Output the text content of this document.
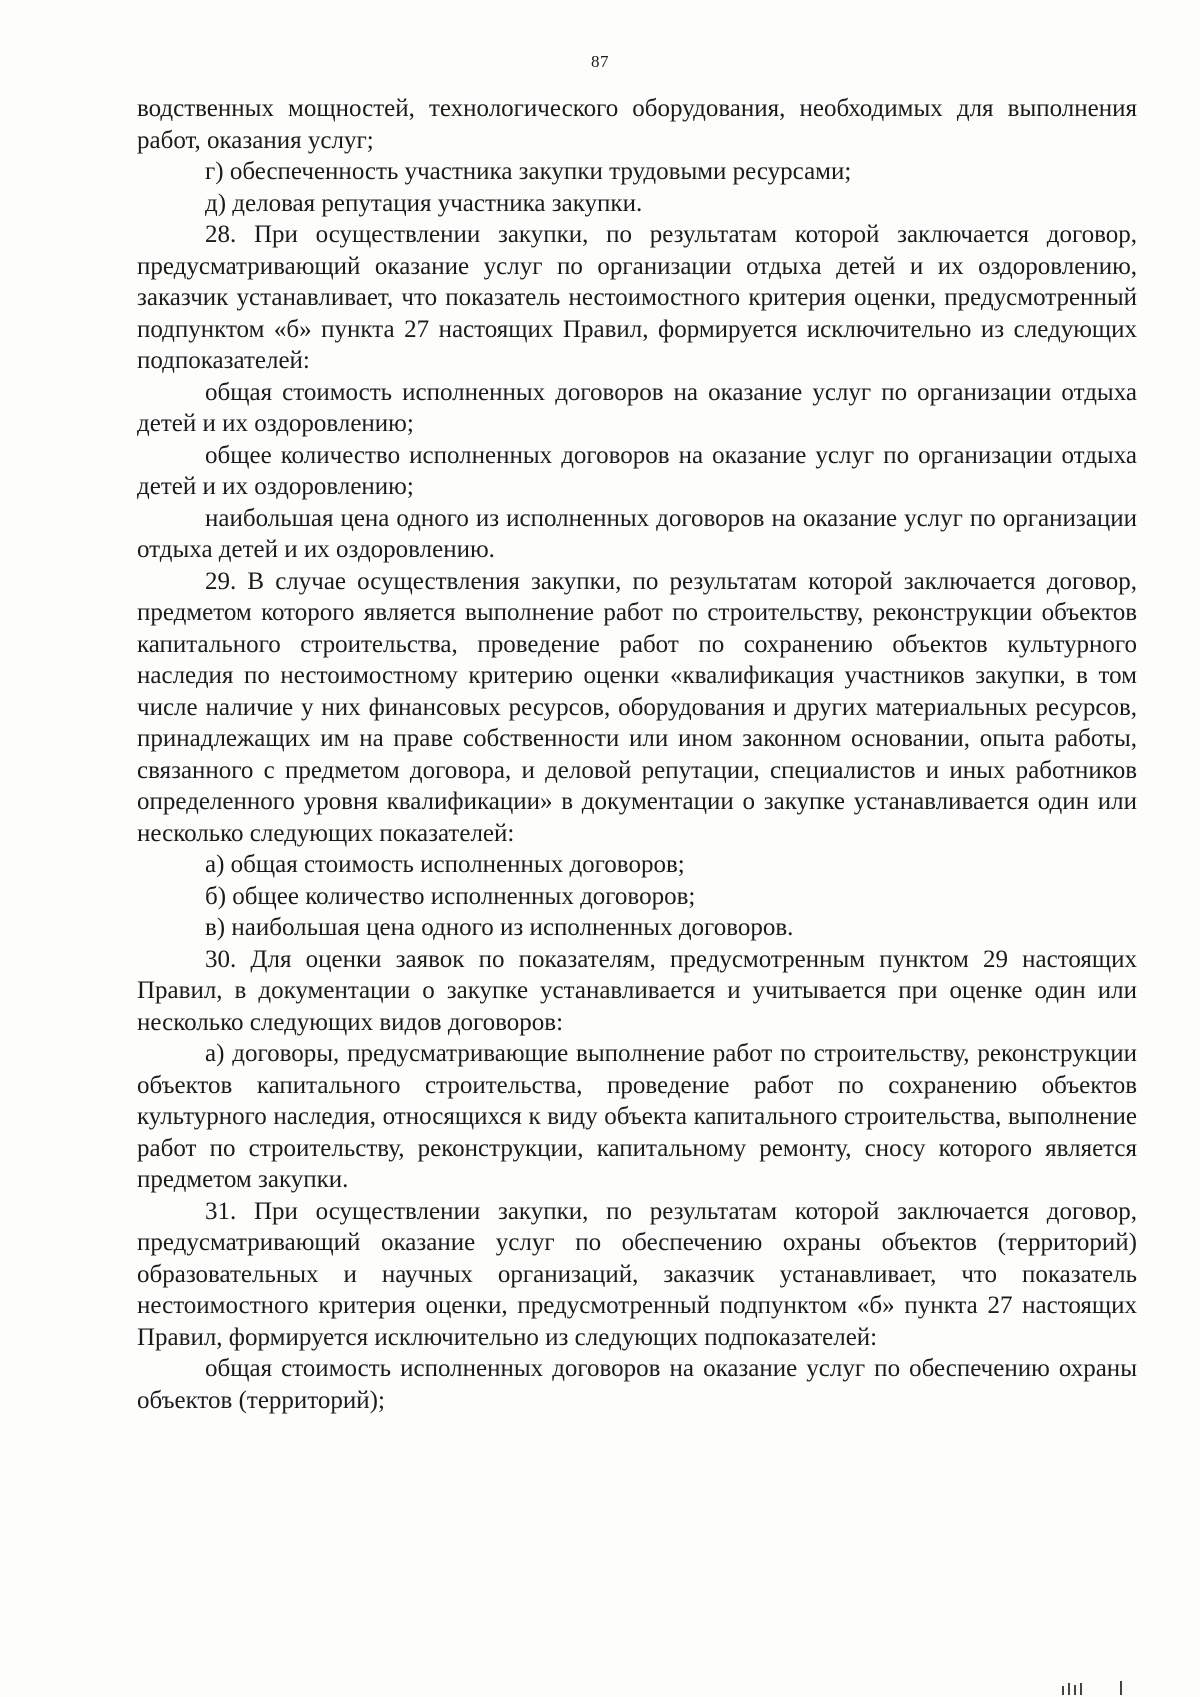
87

водственных мощностей, технологического оборудования, необходимых для выполнения работ, оказания услуг;

г) обеспеченность участника закупки трудовыми ресурсами;

д) деловая репутация участника закупки.

28. При осуществлении закупки, по результатам которой заключается договор, предусматривающий оказание услуг по организации отдыха детей и их оздоровлению, заказчик устанавливает, что показатель нестоимостного критерия оценки, предусмотренный подпунктом «б» пункта 27 настоящих Правил, формируется исключительно из следующих подпоказателей:

общая стоимость исполненных договоров на оказание услуг по организации отдыха детей и их оздоровлению;

общее количество исполненных договоров на оказание услуг по организации отдыха детей и их оздоровлению;

наибольшая цена одного из исполненных договоров на оказание услуг по организации отдыха детей и их оздоровлению.

29. В случае осуществления закупки, по результатам которой заключается договор, предметом которого является выполнение работ по строительству, реконструкции объектов капитального строительства, проведение работ по сохранению объектов культурного наследия по нестоимостному критерию оценки «квалификация участников закупки, в том числе наличие у них финансовых ресурсов, оборудования и других материальных ресурсов, принадлежащих им на праве собственности или ином законном основании, опыта работы, связанного с предметом договора, и деловой репутации, специалистов и иных работников определенного уровня квалификации» в документации о закупке устанавливается один или несколько следующих показателей:

а) общая стоимость исполненных договоров;

б) общее количество исполненных договоров;

в) наибольшая цена одного из исполненных договоров.

30. Для оценки заявок по показателям, предусмотренным пунктом 29 настоящих Правил, в документации о закупке устанавливается и учитывается при оценке один или несколько следующих видов договоров:

а) договоры, предусматривающие выполнение работ по строительству, реконструкции объектов капитального строительства, проведение работ по сохранению объектов культурного наследия, относящихся к виду объекта капитального строительства, выполнение работ по строительству, реконструкции, капитальному ремонту, сносу которого является предметом закупки.

31. При осуществлении закупки, по результатам которой заключается договор, предусматривающий оказание услуг по обеспечению охраны объектов (территорий) образовательных и научных организаций, заказчик устанавливает, что показатель нестоимостного критерия оценки, предусмотренный подпунктом «б» пункта 27 настоящих Правил, формируется исключительно из следующих подпоказателей:

общая стоимость исполненных договоров на оказание услуг по обеспечению охраны объектов (территорий);
